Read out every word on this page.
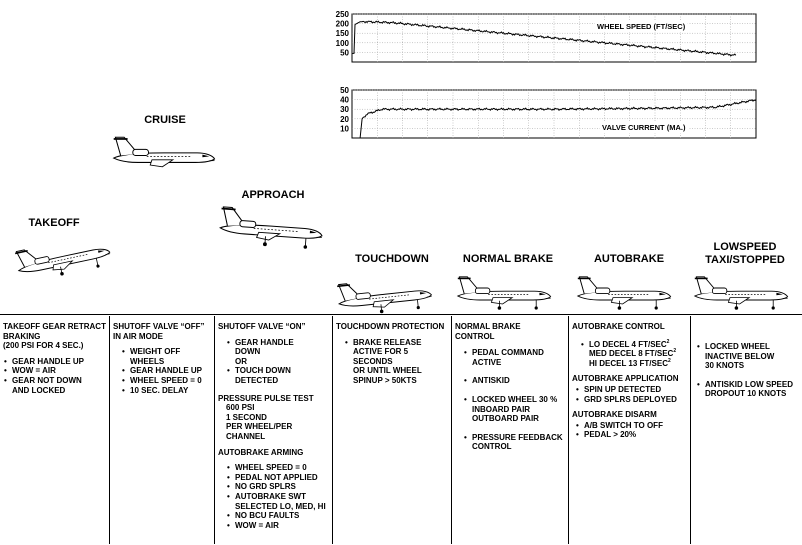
250
200
150
100
50
WHEEL SPEED (FT/SEC)
50
40
30
20
10	VALVE CURRENT (MA.)
CRUISE
APPROACH
TAKEOFF
TOUCHDOWN	NORMAL BRAKE	AUTOBRAKE
LOWSPEED
TAXI/STOPPED
TAKEOFF GEAR RETRACT
BRAKING
(200 PSI FOR 4 SEC.)
• GEAR HANDLE UP
• WOW = AIR
• GEAR NOT DOWN
AND LOCKED
SHUTOFF VALVE “OFF”
IN AIR MODE
• WEIGHT OFF
WHEELS
• GEAR HANDLE UP
• WHEEL SPEED = 0
• 10 SEC. DELAY
SHUTOFF VALVE “ON”
• GEAR HANDLE
DOWN
OR
• TOUCH DOWN
DETECTED
PRESSURE PULSE TEST
600 PSI
1 SECOND
PER WHEEL/PER
CHANNEL
AUTOBRAKE ARMING
• WHEEL SPEED = 0
• PEDAL NOT APPLIED
• NO GRD SPLRS
• AUTOBRAKE SWT
SELECTED LO, MED, HI
• NO BCU FAULTS
• WOW = AIR
TOUCHDOWN PROTECTION
• BRAKE RELEASE
ACTIVE FOR 5 SECONDS
OR UNTIL WHEEL
SPINUP > 50KTS
NORMAL BRAKE
CONTROL
• PEDAL COMMAND
ACTIVE
• ANTISKID
• LOCKED WHEEL 30 %
INBOARD PAIR
OUTBOARD PAIR
• PRESSURE FEEDBACK
CONTROL
AUTOBRAKE CONTROL
• LO DECEL 4 FT/SEC$^2$
MED DECEL 8 FT/SEC$^2$
HI DECEL 13 FT/SEC$^2$
AUTOBRAKE APPLICATION
• SPIN UP DETECTED
• GRD SPLRS DEPLOYED
AUTOBRAKE DISARM
• A/B SWITCH TO OFF
• PEDAL > 20%
• LOCKED WHEEL
INACTIVE BELOW
30 KNOTS
• ANTISKID LOW SPEED
DROPOUT 10 KNOTS
